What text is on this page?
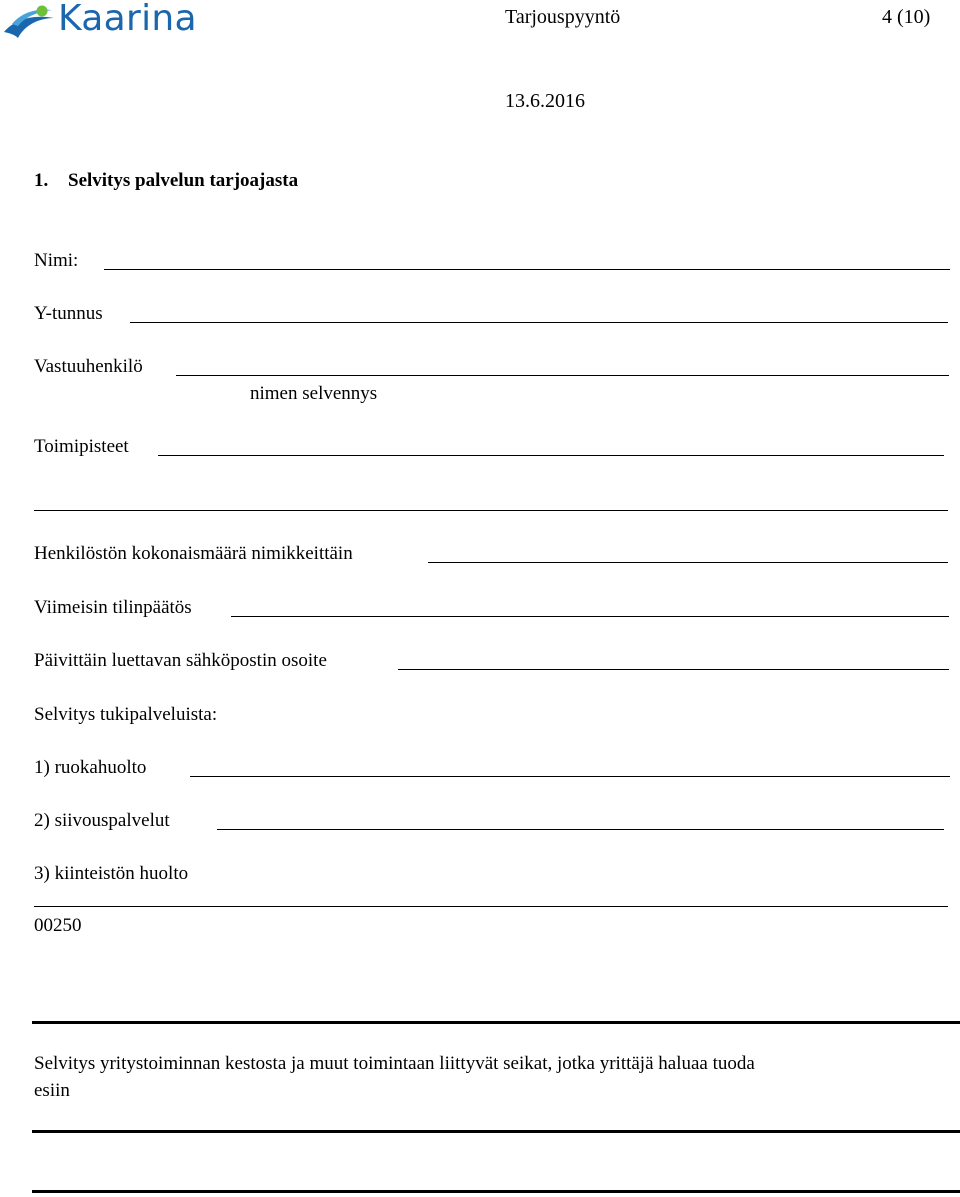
Kaarina	Tarjouspyyntö	4 (10)
13.6.2016
1. Selvitys palvelun tarjoajasta
Nimi:
Y-tunnus
Vastuuhenkilö
nimen selvennys
Toimipisteet
Henkilöstön kokonaismäärä nimikkeittäin
Viimeisin tilinpäätös
Päivittäin luettavan sähköpostin osoite
Selvitys tukipalveluista:
1) ruokahuolto
2) siivouspalvelut
3) kiinteistön huolto
00250
Selvitys yritystoiminnan kestosta ja muut toimintaan liittyvät seikat, jotka yrittäjä haluaa tuoda
esiin
